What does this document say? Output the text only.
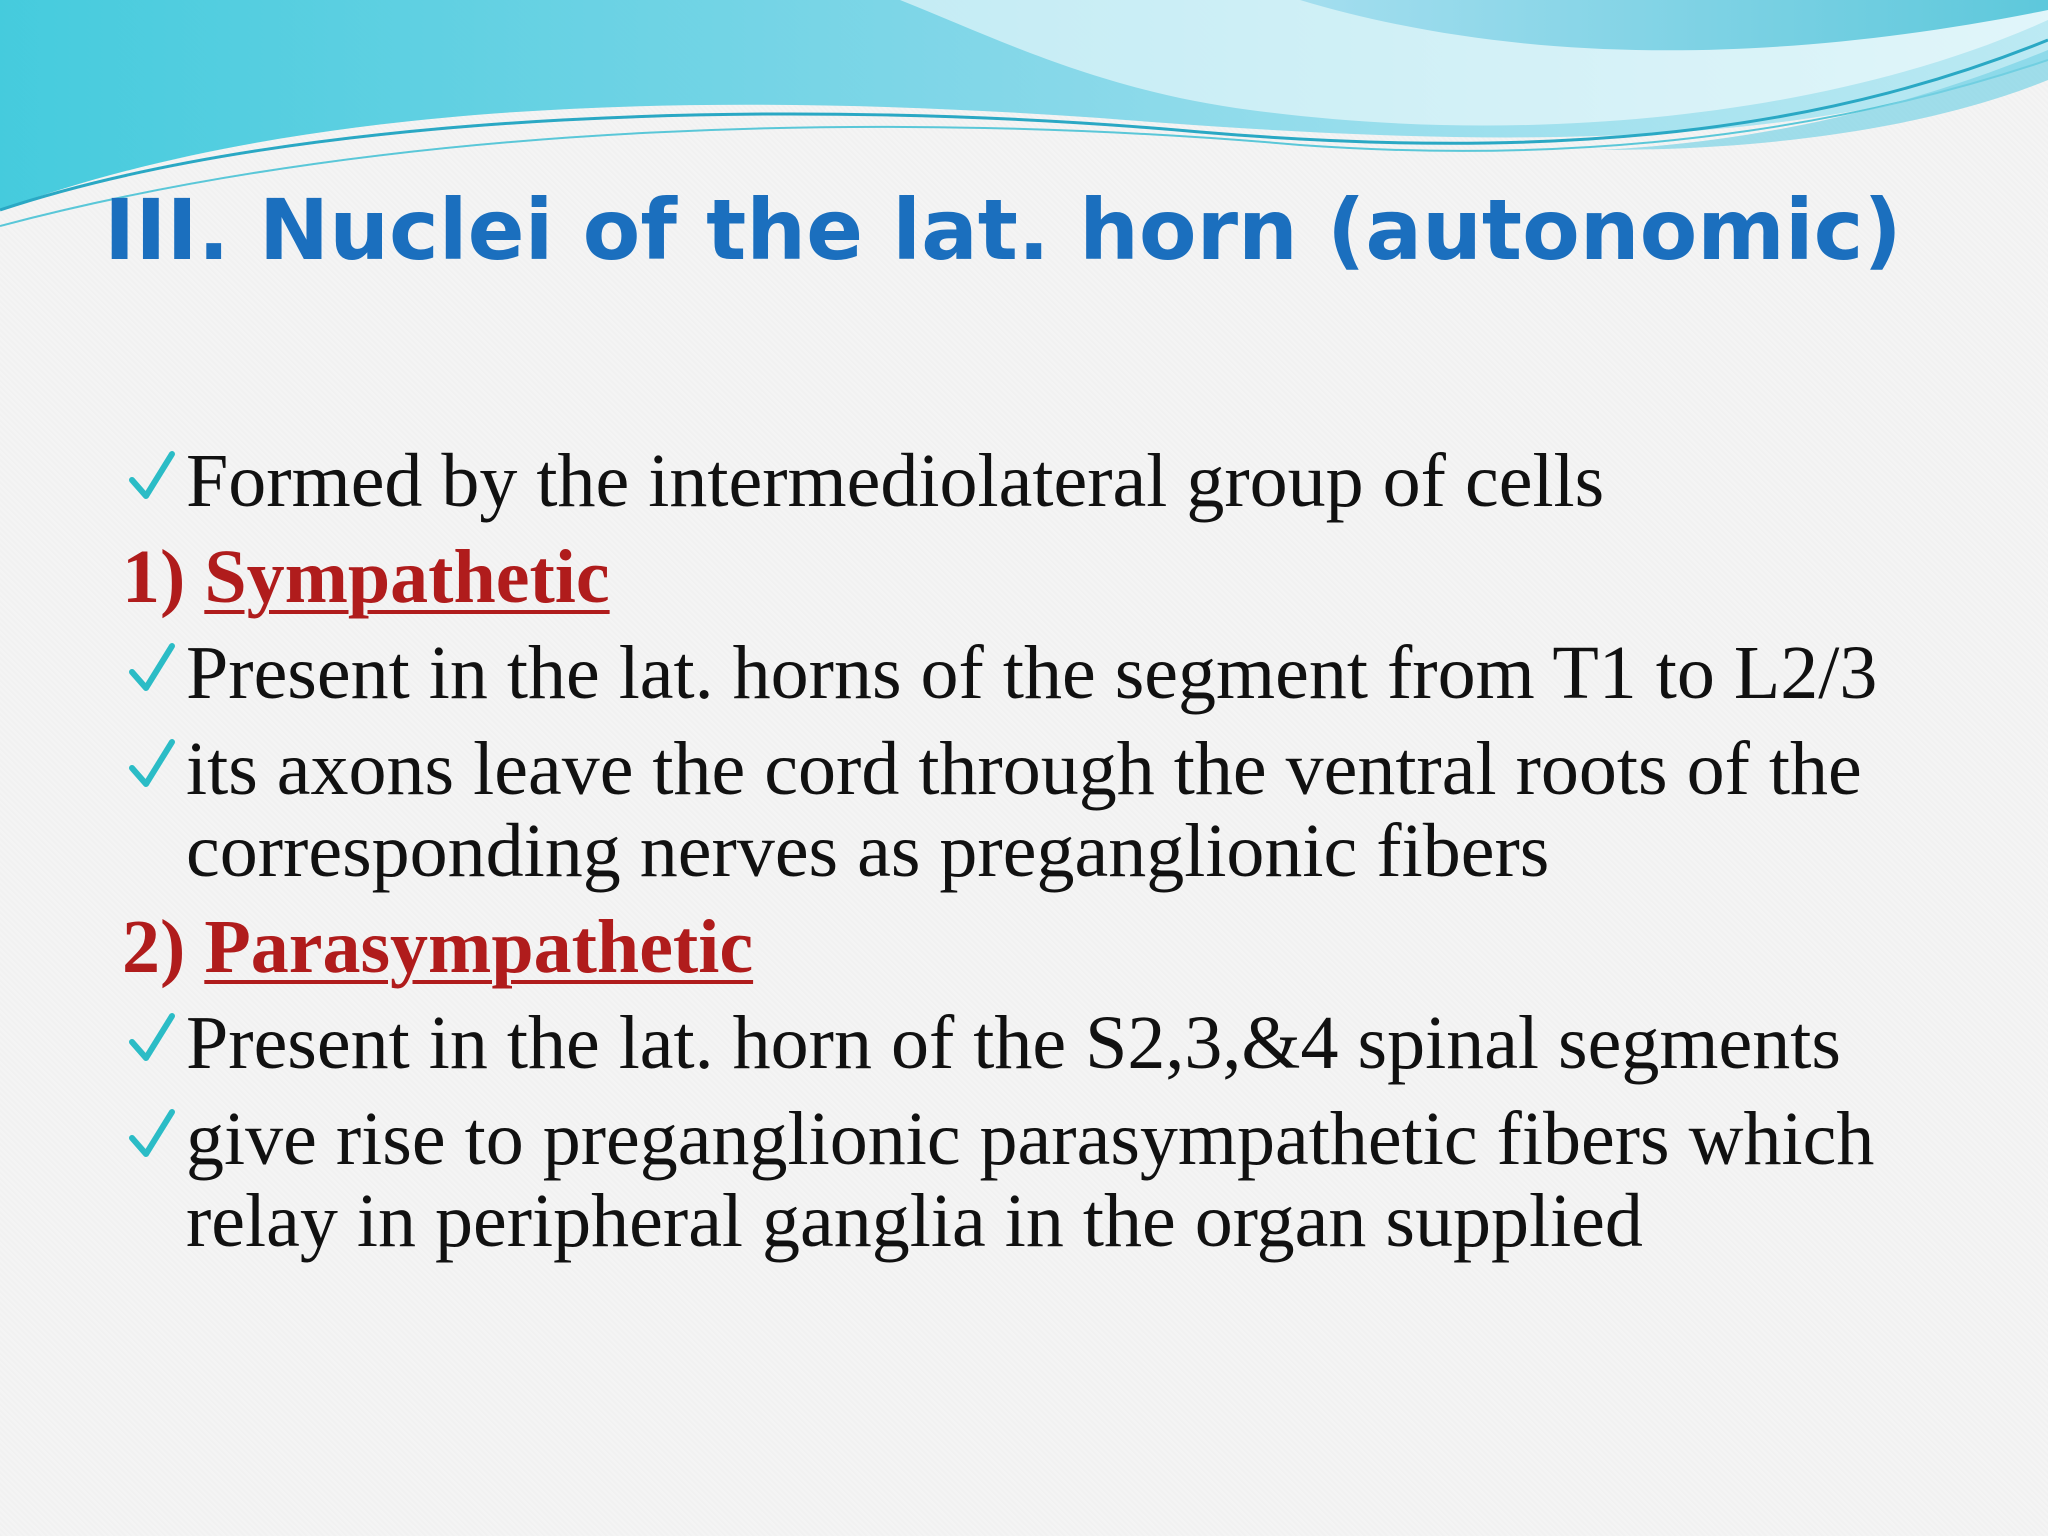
III. Nuclei of the lat. horn (autonomic)
Formed by the intermediolateral group of cells
1) Sympathetic
Present in the lat. horns of the segment from T1 to L2/3
its axons leave the cord through the ventral roots of the corresponding nerves as preganglionic fibers
2) Parasympathetic
Present in the lat. horn of the S2,3,&4 spinal segments
give rise to preganglionic parasympathetic fibers which relay in peripheral ganglia in the organ supplied
